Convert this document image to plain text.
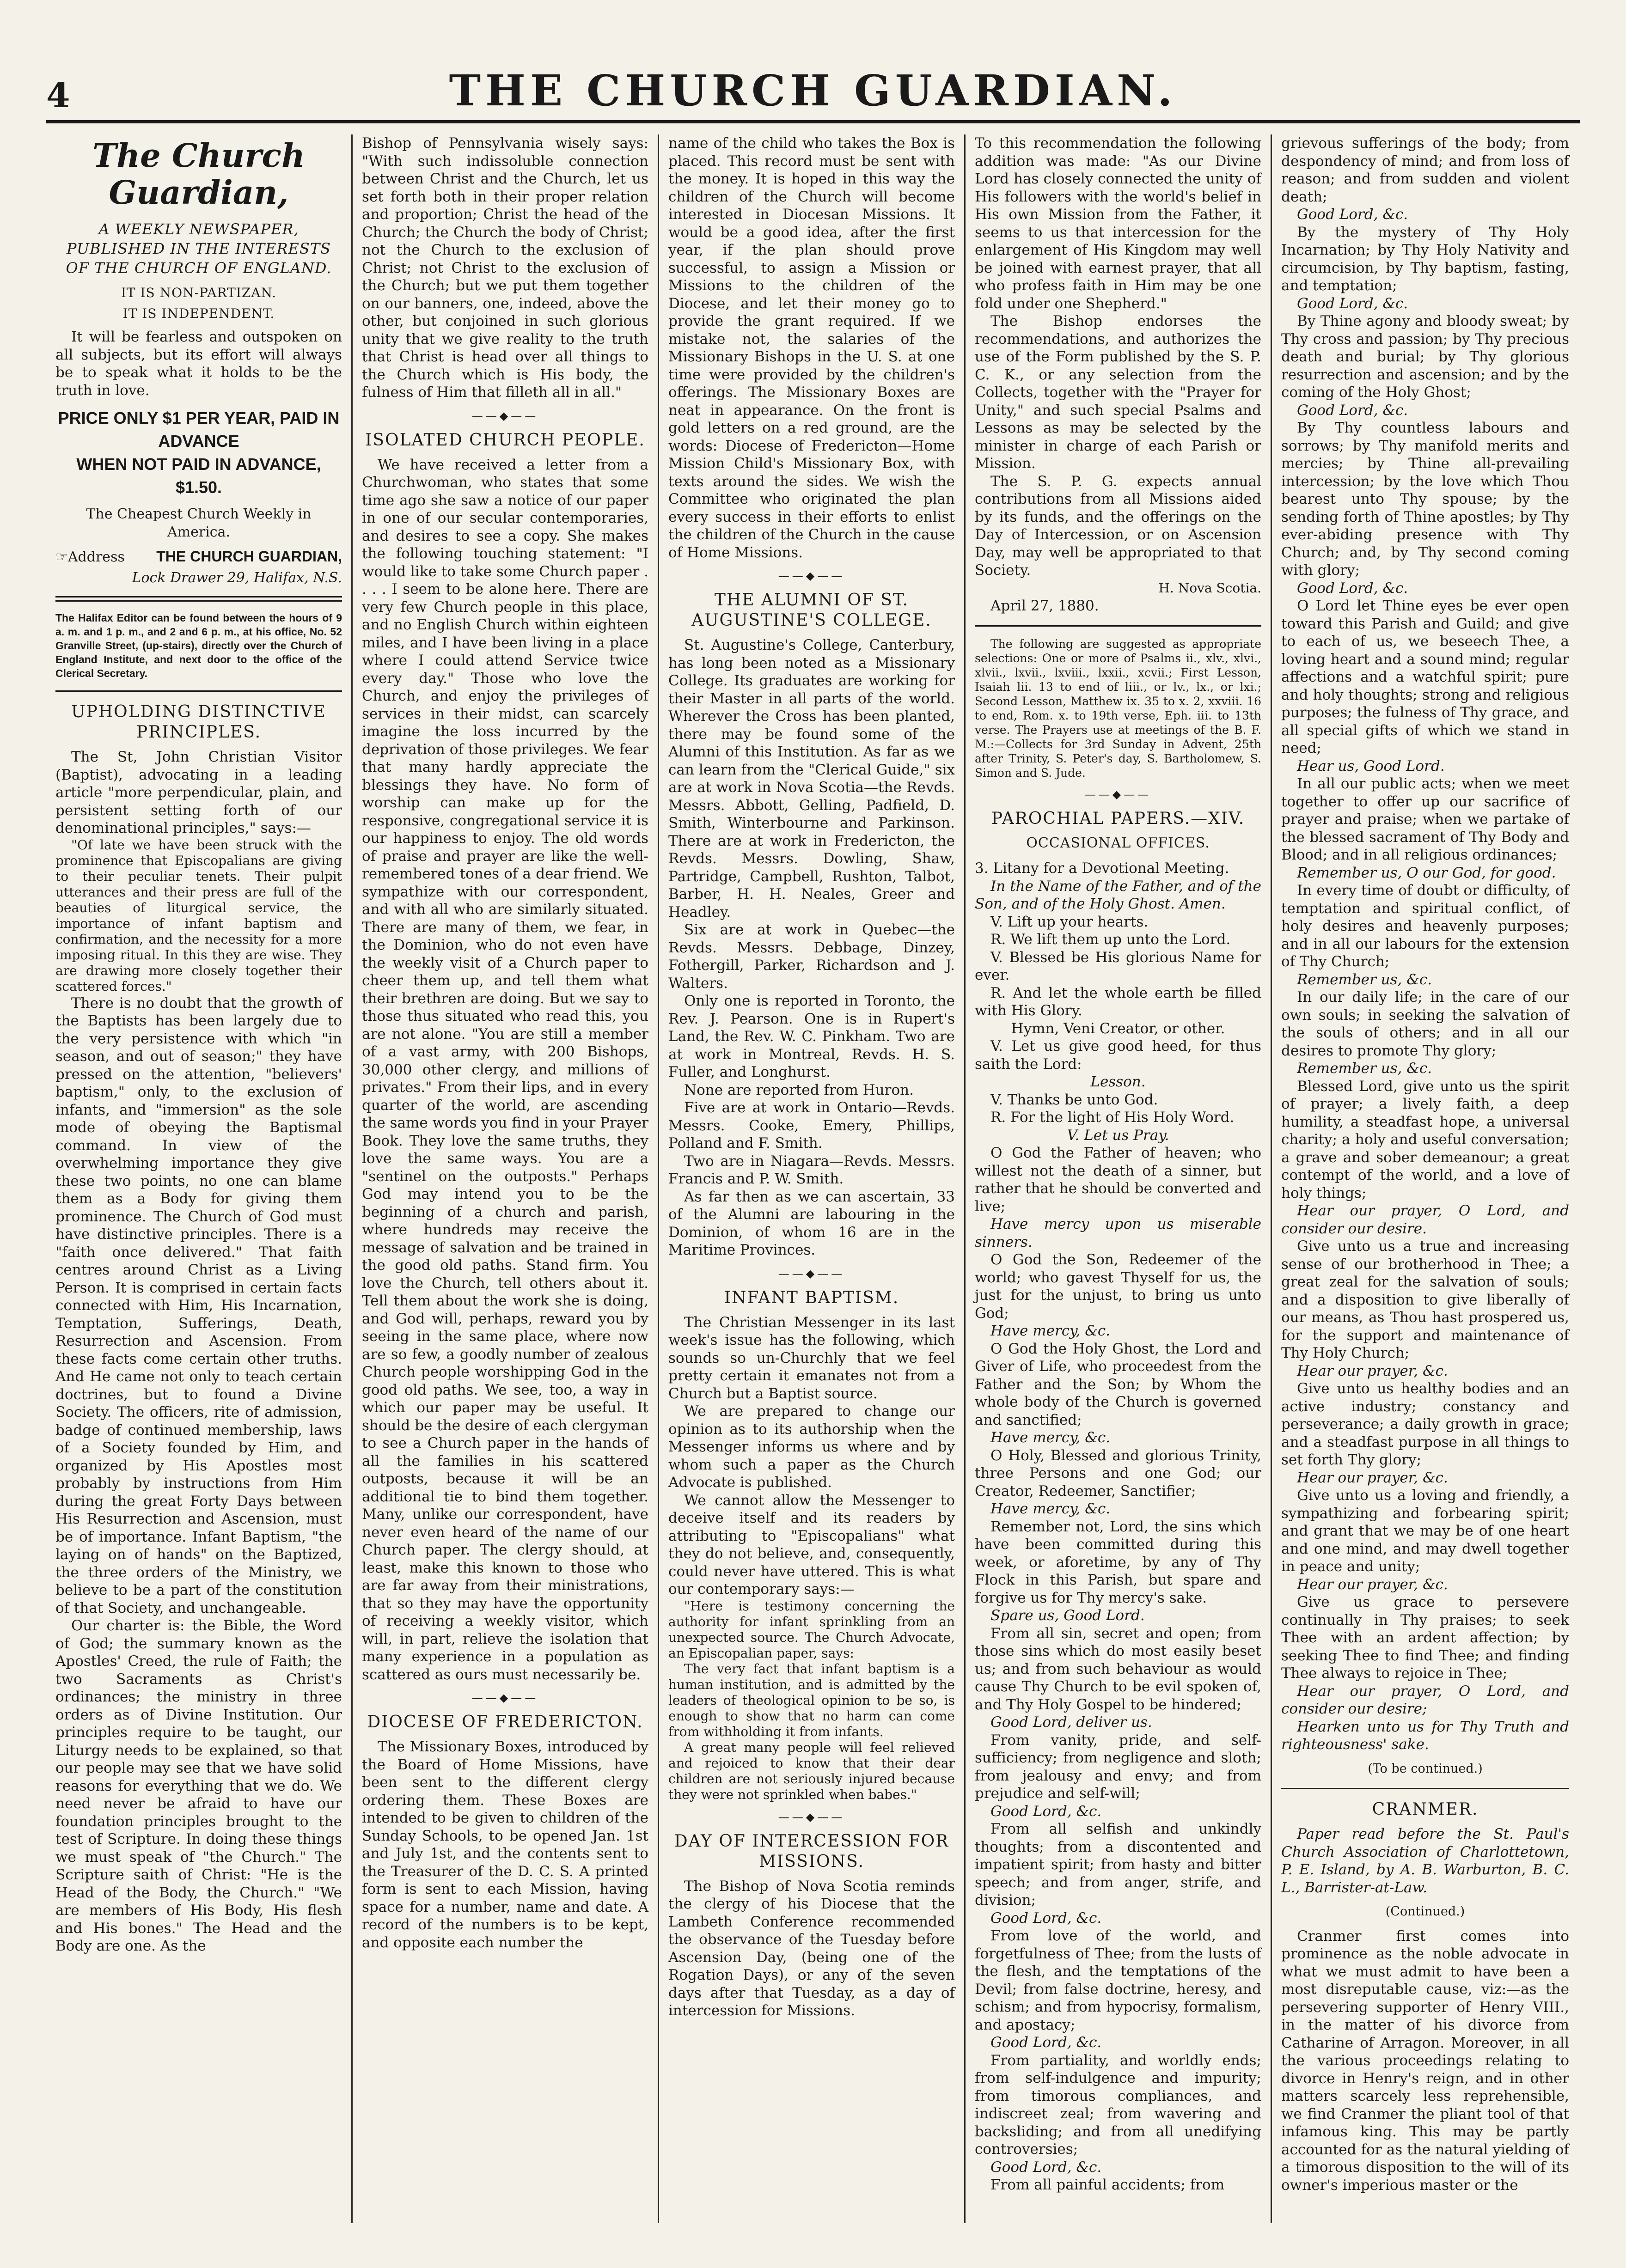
4	THE CHURCH GUARDIAN.
The Church Guardian,
A WEEKLY NEWSPAPER, PUBLISHED IN THE INTERESTS OF THE CHURCH OF ENGLAND.
IT IS NON-PARTIZAN.
IT IS INDEPENDENT.

It will be fearless and outspoken on all subjects, but its effort will always be to speak what it holds to be the truth in love.

PRICE ONLY $1 PER YEAR, PAID IN ADVANCE
WHEN NOT PAID IN ADVANCE, $1.50.
The Cheapest Church Weekly in America.
☞Address THE CHURCH GUARDIAN,
Lock Drawer 29, Halifax, N.S.
The Halifax Editor can be found between the hours of 9 a. m. and 1 p. m., and 2 and 6 p. m., at his office, No. 52 Granville Street, (up-stairs), directly over the Church of England Institute, and next door to the office of the Clerical Secretary.
UPHOLDING DISTINCTIVE PRINCIPLES.

The St, John Christian Visitor (Baptist), advocating in a leading article "more perpendicular, plain, and persistent setting forth of our denominational principles," says:—

"Of late we have been struck with the prominence that Episcopalians are giving to their peculiar tenets. Their pulpit utterances and their press are full of the beauties of liturgical service, the importance of infant baptism and confirmation, and the necessity for a more imposing ritual. In this they are wise. They are drawing more closely together their scattered forces."

There is no doubt that the growth of the Baptists has been largely due to the very persistence with which "in season, and out of season;" they have pressed on the attention, "believers' baptism," only, to the exclusion of infants, and "immersion" as the sole mode of obeying the Baptismal command. In view of the overwhelming importance they give these two points, no one can blame them as a Body for giving them prominence. The Church of God must have distinctive principles. There is a "faith once delivered." That faith centres around Christ as a Living Person. It is comprised in certain facts connected with Him, His Incarnation, Temptation, Sufferings, Death, Resurrection and Ascension. From these facts come certain other truths. And He came not only to teach certain doctrines, but to found a Divine Society. The officers, rite of admission, badge of continued membership, laws of a Society founded by Him, and organized by His Apostles most probably by instructions from Him during the great Forty Days between His Resurrection and Ascension, must be of importance. Infant Baptism, "the laying on of hands" on the Baptized, the three orders of the Ministry, we believe to be a part of the constitution of that Society, and unchangeable.

Our charter is: the Bible, the Word of God; the summary known as the Apostles' Creed, the rule of Faith; the two Sacraments as Christ's ordinances; the ministry in three orders as of Divine Institution. Our principles require to be taught, our Liturgy needs to be explained, so that our people may see that we have solid reasons for everything that we do. We need never be afraid to have our foundation principles brought to the test of Scripture. In doing these things we must speak of "the Church." The Scripture saith of Christ: "He is the Head of the Body, the Church." "We are members of His Body, His flesh and His bones." The Head and the Body are one. As the

Bishop of Pennsylvania wisely says: "With such indissoluble connection between Christ and the Church, let us set forth both in their proper relation and proportion; Christ the head of the Church; the Church the body of Christ; not the Church to the exclusion of Christ; not Christ to the exclusion of the Church; but we put them together on our banners, one, indeed, above the other, but conjoined in such glorious unity that we give reality to the truth that Christ is head over all things to the Church which is His body, the fulness of Him that filleth all in all."

——◆——
ISOLATED CHURCH PEOPLE.

We have received a letter from a Churchwoman, who states that some time ago she saw a notice of our paper in one of our secular contemporaries, and desires to see a copy. She makes the following touching statement: "I would like to take some Church paper . . . . I seem to be alone here. There are very few Church people in this place, and no English Church within eighteen miles, and I have been living in a place where I could attend Service twice every day." Those who love the Church, and enjoy the privileges of services in their midst, can scarcely imagine the loss incurred by the deprivation of those privileges. We fear that many hardly appreciate the blessings they have. No form of worship can make up for the responsive, congregational service it is our happiness to enjoy. The old words of praise and prayer are like the well-remembered tones of a dear friend. We sympathize with our correspondent, and with all who are similarly situated. There are many of them, we fear, in the Dominion, who do not even have the weekly visit of a Church paper to cheer them up, and tell them what their brethren are doing. But we say to those thus situated who read this, you are not alone. "You are still a member of a vast army, with 200 Bishops, 30,000 other clergy, and millions of privates." From their lips, and in every quarter of the world, are ascending the same words you find in your Prayer Book. They love the same truths, they love the same ways. You are a "sentinel on the outposts." Perhaps God may intend you to be the beginning of a church and parish, where hundreds may receive the message of salvation and be trained in the good old paths. Stand firm. You love the Church, tell others about it. Tell them about the work she is doing, and God will, perhaps, reward you by seeing in the same place, where now are so few, a goodly number of zealous Church people worshipping God in the good old paths. We see, too, a way in which our paper may be useful. It should be the desire of each clergyman to see a Church paper in the hands of all the families in his scattered outposts, because it will be an additional tie to bind them together. Many, unlike our correspondent, have never even heard of the name of our Church paper. The clergy should, at least, make this known to those who are far away from their ministrations, that so they may have the opportunity of receiving a weekly visitor, which will, in part, relieve the isolation that many experience in a population as scattered as ours must necessarily be.

——◆——
DIOCESE OF FREDERICTON.

The Missionary Boxes, introduced by the Board of Home Missions, have been sent to the different clergy ordering them. These Boxes are intended to be given to children of the Sunday Schools, to be opened Jan. 1st and July 1st, and the contents sent to the Treasurer of the D. C. S. A printed form is sent to each Mission, having space for a number, name and date. A record of the numbers is to be kept, and opposite each number the

name of the child who takes the Box is placed. This record must be sent with the money. It is hoped in this way the children of the Church will become interested in Diocesan Missions. It would be a good idea, after the first year, if the plan should prove successful, to assign a Mission or Missions to the children of the Diocese, and let their money go to provide the grant required. If we mistake not, the salaries of the Missionary Bishops in the U. S. at one time were provided by the children's offerings. The Missionary Boxes are neat in appearance. On the front is gold letters on a red ground, are the words: Diocese of Fredericton—Home Mission Child's Missionary Box, with texts around the sides. We wish the Committee who originated the plan every success in their efforts to enlist the children of the Church in the cause of Home Missions.

——◆——
THE ALUMNI OF ST. AUGUSTINE'S COLLEGE.

St. Augustine's College, Canterbury, has long been noted as a Missionary College. Its graduates are working for their Master in all parts of the world. Wherever the Cross has been planted, there may be found some of the Alumni of this Institution. As far as we can learn from the "Clerical Guide," six are at work in Nova Scotia—the Revds. Messrs. Abbott, Gelling, Padfield, D. Smith, Winterbourne and Parkinson. There are at work in Fredericton, the Revds. Messrs. Dowling, Shaw, Partridge, Campbell, Rushton, Talbot, Barber, H. H. Neales, Greer and Headley.

Six are at work in Quebec—the Revds. Messrs. Debbage, Dinzey, Fothergill, Parker, Richardson and J. Walters.

Only one is reported in Toronto, the Rev. J. Pearson. One is in Rupert's Land, the Rev. W. C. Pinkham. Two are at work in Montreal, Revds. H. S. Fuller, and Longhurst.

None are reported from Huron.

Five are at work in Ontario—Revds. Messrs. Cooke, Emery, Phillips, Polland and F. Smith.

Two are in Niagara—Revds. Messrs. Francis and P. W. Smith.

As far then as we can ascertain, 33 of the Alumni are labouring in the Dominion, of whom 16 are in the Maritime Provinces.

——◆——
INFANT BAPTISM.

The Christian Messenger in its last week's issue has the following, which sounds so un-Churchly that we feel pretty certain it emanates not from a Church but a Baptist source.

We are prepared to change our opinion as to its authorship when the Messenger informs us where and by whom such a paper as the Church Advocate is published.

We cannot allow the Messenger to deceive itself and its readers by attributing to "Episcopalians" what they do not believe, and, consequently, could never have uttered. This is what our contemporary says:—

"Here is testimony concerning the authority for infant sprinkling from an unexpected source. The Church Advocate, an Episcopalian paper, says:

The very fact that infant baptism is a human institution, and is admitted by the leaders of theological opinion to be so, is enough to show that no harm can come from withholding it from infants.

A great many people will feel relieved and rejoiced to know that their dear children are not seriously injured because they were not sprinkled when babes."

——◆——
DAY OF INTERCESSION FOR MISSIONS.

The Bishop of Nova Scotia reminds the clergy of his Diocese that the Lambeth Conference recommended the observance of the Tuesday before Ascension Day, (being one of the Rogation Days), or any of the seven days after that Tuesday, as a day of intercession for Missions.

To this recommendation the following addition was made: "As our Divine Lord has closely connected the unity of His followers with the world's belief in His own Mission from the Father, it seems to us that intercession for the enlargement of His Kingdom may well be joined with earnest prayer, that all who profess faith in Him may be one fold under one Shepherd."

The Bishop endorses the recommendations, and authorizes the use of the Form published by the S. P. C. K., or any selection from the Collects, together with the "Prayer for Unity," and such special Psalms and Lessons as may be selected by the minister in charge of each Parish or Mission.

The S. P. G. expects annual contributions from all Missions aided by its funds, and the offerings on the Day of Intercession, or on Ascension Day, may well be appropriated to that Society.

H. Nova Scotia.

April 27, 1880.

The following are suggested as appropriate selections: One or more of Psalms ii., xlv., xlvi., xlvii., lxvii., lxviii., lxxii., xcvii.; First Lesson, Isaiah lii. 13 to end of liii., or lv., lx., or lxi.; Second Lesson, Matthew ix. 35 to x. 2, xxviii. 16 to end, Rom. x. to 19th verse, Eph. iii. to 13th verse. The Prayers use at meetings of the B. F. M.:—Collects for 3rd Sunday in Advent, 25th after Trinity, S. Peter's day, S. Bartholomew, S. Simon and S. Jude.

——◆——
PAROCHIAL PAPERS.—XIV.
OCCASIONAL OFFICES.

3. Litany for a Devotional Meeting.

In the Name of the Father, and of the Son, and of the Holy Ghost. Amen.

V. Lift up your hearts.

R. We lift them up unto the Lord.

V. Blessed be His glorious Name for ever.

R. And let the whole earth be filled with His Glory.

Hymn, Veni Creator, or other.

V. Let us give good heed, for thus saith the Lord:

Lesson.

V. Thanks be unto God.

R. For the light of His Holy Word.

V. Let us Pray.

O God the Father of heaven; who willest not the death of a sinner, but rather that he should be converted and live;

Have mercy upon us miserable sinners.

O God the Son, Redeemer of the world; who gavest Thyself for us, the just for the unjust, to bring us unto God;

Have mercy, &c.

O God the Holy Ghost, the Lord and Giver of Life, who proceedest from the Father and the Son; by Whom the whole body of the Church is governed and sanctified;

Have mercy, &c.

O Holy, Blessed and glorious Trinity, three Persons and one God; our Creator, Redeemer, Sanctifier;

Have mercy, &c.

Remember not, Lord, the sins which have been committed during this week, or aforetime, by any of Thy Flock in this Parish, but spare and forgive us for Thy mercy's sake.

Spare us, Good Lord.

From all sin, secret and open; from those sins which do most easily beset us; and from such behaviour as would cause Thy Church to be evil spoken of, and Thy Holy Gospel to be hindered;

Good Lord, deliver us.

From vanity, pride, and self-sufficiency; from negligence and sloth; from jealousy and envy; and from prejudice and self-will;

Good Lord, &c.

From all selfish and unkindly thoughts; from a discontented and impatient spirit; from hasty and bitter speech; and from anger, strife, and division;

Good Lord, &c.

From love of the world, and forgetfulness of Thee; from the lusts of the flesh, and the temptations of the Devil; from false doctrine, heresy, and schism; and from hypocrisy, formalism, and apostacy;

Good Lord, &c.

From partiality, and worldly ends; from self-indulgence and impurity; from timorous compliances, and indiscreet zeal; from wavering and backsliding; and from all unedifying controversies;

Good Lord, &c.

From all painful accidents; from

grievous sufferings of the body; from despondency of mind; and from loss of reason; and from sudden and violent death;

Good Lord, &c.

By the mystery of Thy Holy Incarnation; by Thy Holy Nativity and circumcision, by Thy baptism, fasting, and temptation;

Good Lord, &c.

By Thine agony and bloody sweat; by Thy cross and passion; by Thy precious death and burial; by Thy glorious resurrection and ascension; and by the coming of the Holy Ghost;

Good Lord, &c.

By Thy countless labours and sorrows; by Thy manifold merits and mercies; by Thine all-prevailing intercession; by the love which Thou bearest unto Thy spouse; by the sending forth of Thine apostles; by Thy ever-abiding presence with Thy Church; and, by Thy second coming with glory;

Good Lord, &c.

O Lord let Thine eyes be ever open toward this Parish and Guild; and give to each of us, we beseech Thee, a loving heart and a sound mind; regular affections and a watchful spirit; pure and holy thoughts; strong and religious purposes; the fulness of Thy grace, and all special gifts of which we stand in need;

Hear us, Good Lord.

In all our public acts; when we meet together to offer up our sacrifice of prayer and praise; when we partake of the blessed sacrament of Thy Body and Blood; and in all religious ordinances;

Remember us, O our God, for good.

In every time of doubt or difficulty, of temptation and spiritual conflict, of holy desires and heavenly purposes; and in all our labours for the extension of Thy Church;

Remember us, &c.

In our daily life; in the care of our own souls; in seeking the salvation of the souls of others; and in all our desires to promote Thy glory;

Remember us, &c.

Blessed Lord, give unto us the spirit of prayer; a lively faith, a deep humility, a steadfast hope, a universal charity; a holy and useful conversation; a grave and sober demeanour; a great contempt of the world, and a love of holy things;

Hear our prayer, O Lord, and consider our desire.

Give unto us a true and increasing sense of our brotherhood in Thee; a great zeal for the salvation of souls; and a disposition to give liberally of our means, as Thou hast prospered us, for the support and maintenance of Thy Holy Church;

Hear our prayer, &c.

Give unto us healthy bodies and an active industry; constancy and perseverance; a daily growth in grace; and a steadfast purpose in all things to set forth Thy glory;

Hear our prayer, &c.

Give unto us a loving and friendly, a sympathizing and forbearing spirit; and grant that we may be of one heart and one mind, and may dwell together in peace and unity;

Hear our prayer, &c.

Give us grace to persevere continually in Thy praises; to seek Thee with an ardent affection; by seeking Thee to find Thee; and finding Thee always to rejoice in Thee;

Hear our prayer, O Lord, and consider our desire;

Hearken unto us for Thy Truth and righteousness' sake.

(To be continued.)
CRANMER.

Paper read before the St. Paul's Church Association of Charlottetown, P. E. Island, by A. B. Warburton, B. C. L., Barrister-at-Law.

(Continued.)

Cranmer first comes into prominence as the noble advocate in what we must admit to have been a most disreputable cause, viz:—as the persevering supporter of Henry VIII., in the matter of his divorce from Catharine of Arragon. Moreover, in all the various proceedings relating to divorce in Henry's reign, and in other matters scarcely less reprehensible, we find Cranmer the pliant tool of that infamous king. This may be partly accounted for as the natural yielding of a timorous disposition to the will of its owner's imperious master or the
